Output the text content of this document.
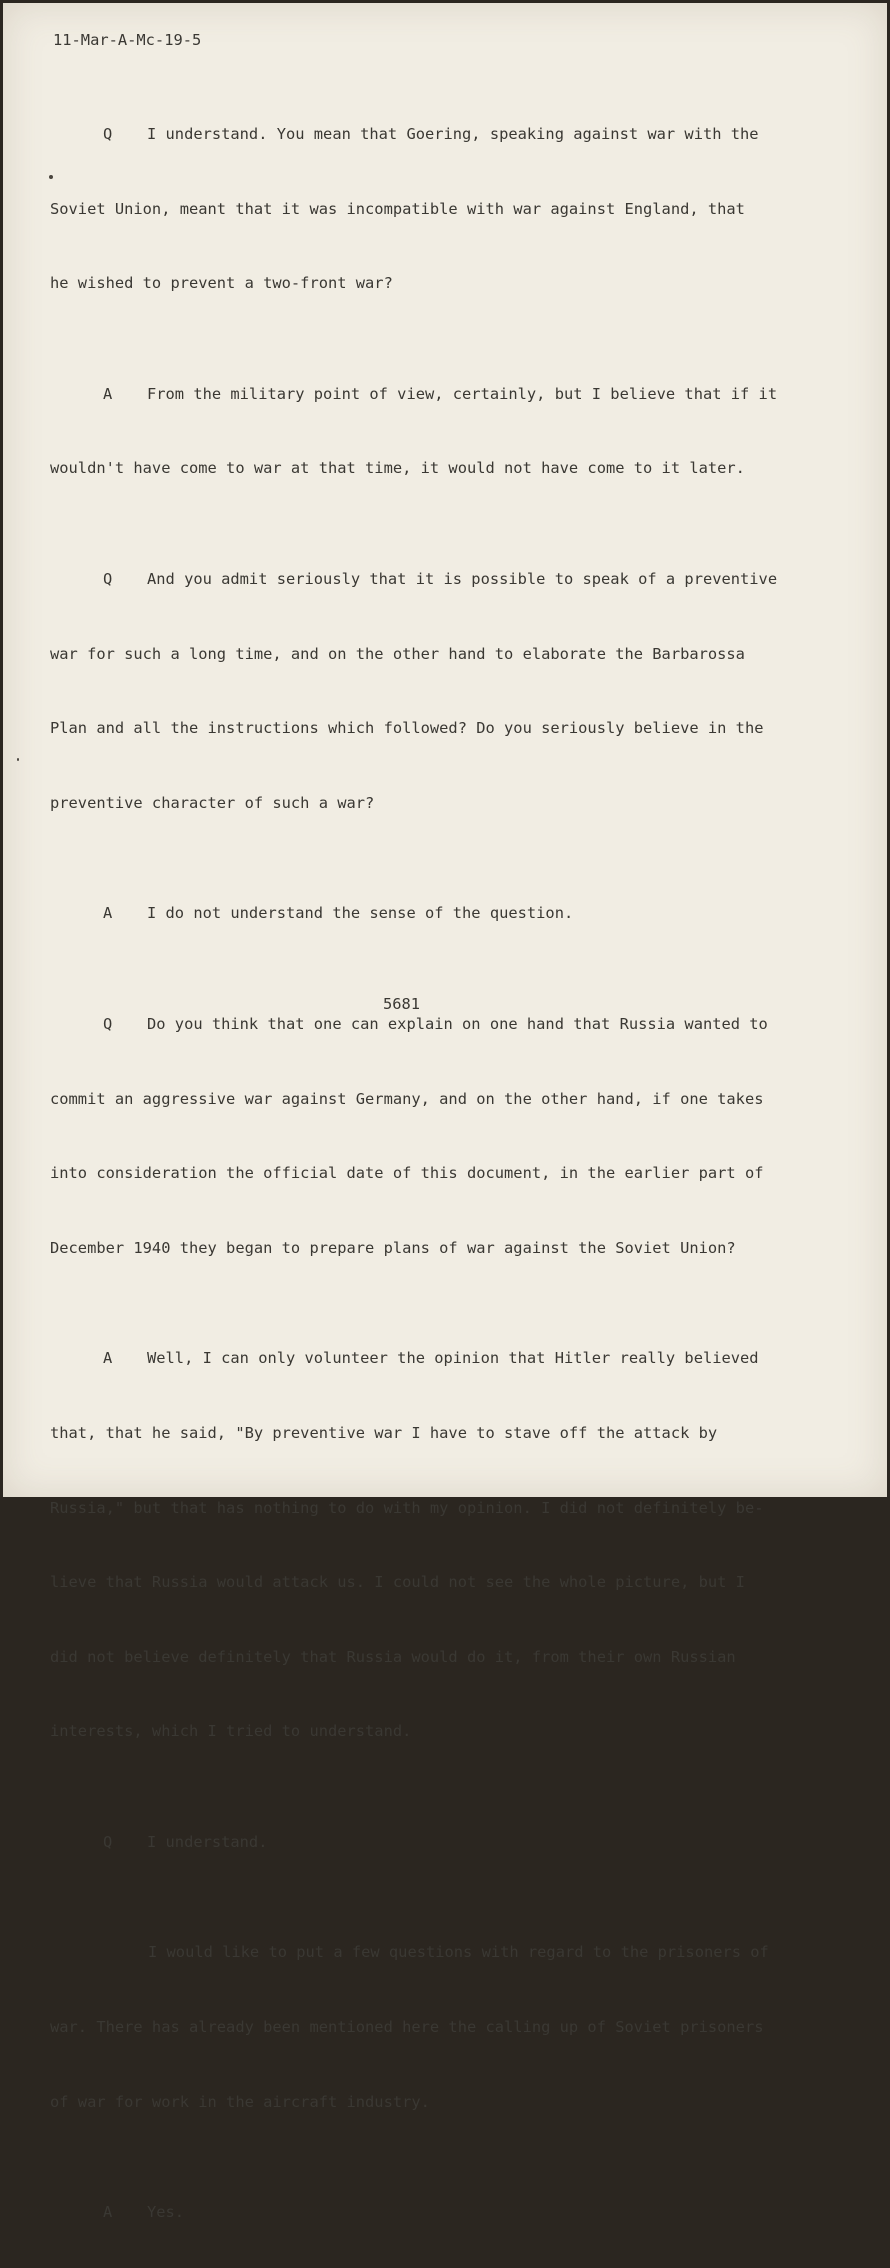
11-Mar-A-Mc-19-5

Q I understand. You mean that Goering, speaking against war with the

Soviet Union, meant that it was incompatible with war against England, that

he wished to prevent a two-front war?

A From the military point of view, certainly, but I believe that if it

wouldn't have come to war at that time, it would not have come to it later.

Q And you admit seriously that it is possible to speak of a preventive

war for such a long time, and on the other hand to elaborate the Barbarossa

Plan and all the instructions which followed? Do you seriously believe in the

preventive character of such a war?

A I do not understand the sense of the question.

Q Do you think that one can explain on one hand that Russia wanted to

commit an aggressive war against Germany, and on the other hand, if one takes

into consideration the official date of this document, in the earlier part of

December 1940 they began to prepare plans of war against the Soviet Union?

A Well, I can only volunteer the opinion that Hitler really believed

that, that he said, "By preventive war I have to stave off the attack by

Russia," but that has nothing to do with my opinion. I did not definitely be-

lieve that Russia would attack us. I could not see the whole picture, but I

did not believe definitely that Russia would do it, from their own Russian

interests, which I tried to understand.

Q I understand.

I would like to put a few questions with regard to the prisoners of

war. There has already been mentioned here the calling up of Soviet prisoners

of war for work in the aircraft industry.

A Yes.

5681
